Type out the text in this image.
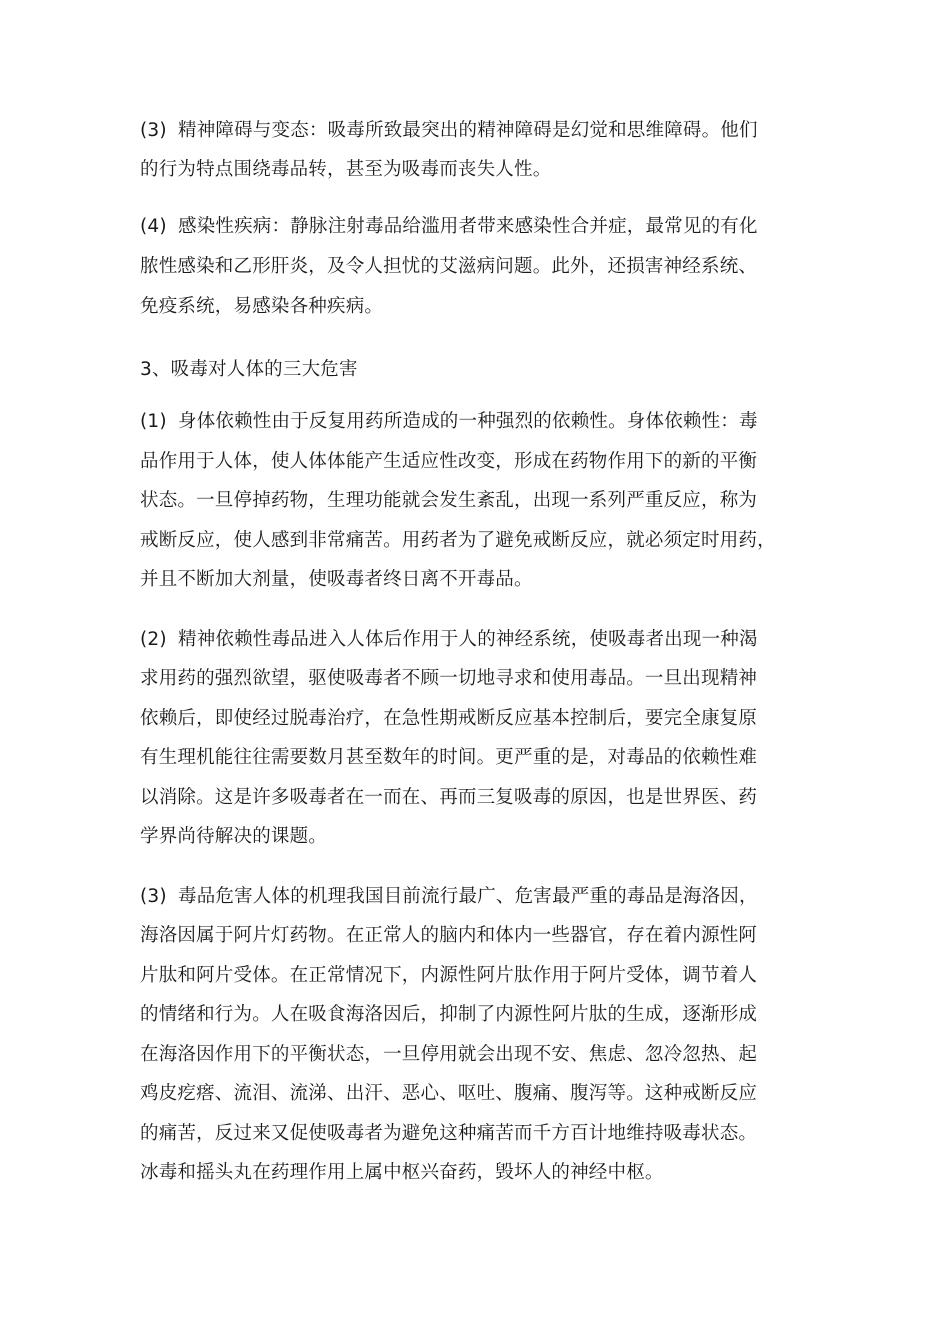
(3) 精神障碍与变态：吸毒所致最突出的精神障碍是幻觉和思维障碍。他们
的行为特点围绕毒品转，甚至为吸毒而丧失人性。
(4) 感染性疾病：静脉注射毒品给滥用者带来感染性合并症，最常见的有化
脓性感染和乙形肝炎，及令人担忧的艾滋病问题。此外，还损害神经系统、
免疫系统，易感染各种疾病。
3、吸毒对人体的三大危害
(1) 身体依赖性由于反复用药所造成的一种强烈的依赖性。身体依赖性：毒
品作用于人体，使人体体能产生适应性改变，形成在药物作用下的新的平衡
状态。一旦停掉药物，生理功能就会发生紊乱，出现一系列严重反应，称为
戒断反应，使人感到非常痛苦。用药者为了避免戒断反应，就必须定时用药，
并且不断加大剂量，使吸毒者终日离不开毒品。
(2) 精神依赖性毒品进入人体后作用于人的神经系统，使吸毒者出现一种渴
求用药的强烈欲望，驱使吸毒者不顾一切地寻求和使用毒品。一旦出现精神
依赖后，即使经过脱毒治疗，在急性期戒断反应基本控制后，要完全康复原
有生理机能往往需要数月甚至数年的时间。更严重的是，对毒品的依赖性难
以消除。这是许多吸毒者在一而在、再而三复吸毒的原因，也是世界医、药
学界尚待解决的课题。
(3) 毒品危害人体的机理我国目前流行最广、危害最严重的毒品是海洛因，
海洛因属于阿片灯药物。在正常人的脑内和体内一些器官，存在着内源性阿
片肽和阿片受体。在正常情况下，内源性阿片肽作用于阿片受体，调节着人
的情绪和行为。人在吸食海洛因后，抑制了内源性阿片肽的生成，逐渐形成
在海洛因作用下的平衡状态，一旦停用就会出现不安、焦虑、忽冷忽热、起
鸡皮疙瘩、流泪、流涕、出汗、恶心、呕吐、腹痛、腹泻等。这种戒断反应
的痛苦，反过来又促使吸毒者为避免这种痛苦而千方百计地维持吸毒状态。
冰毒和摇头丸在药理作用上属中枢兴奋药，毁坏人的神经中枢。
